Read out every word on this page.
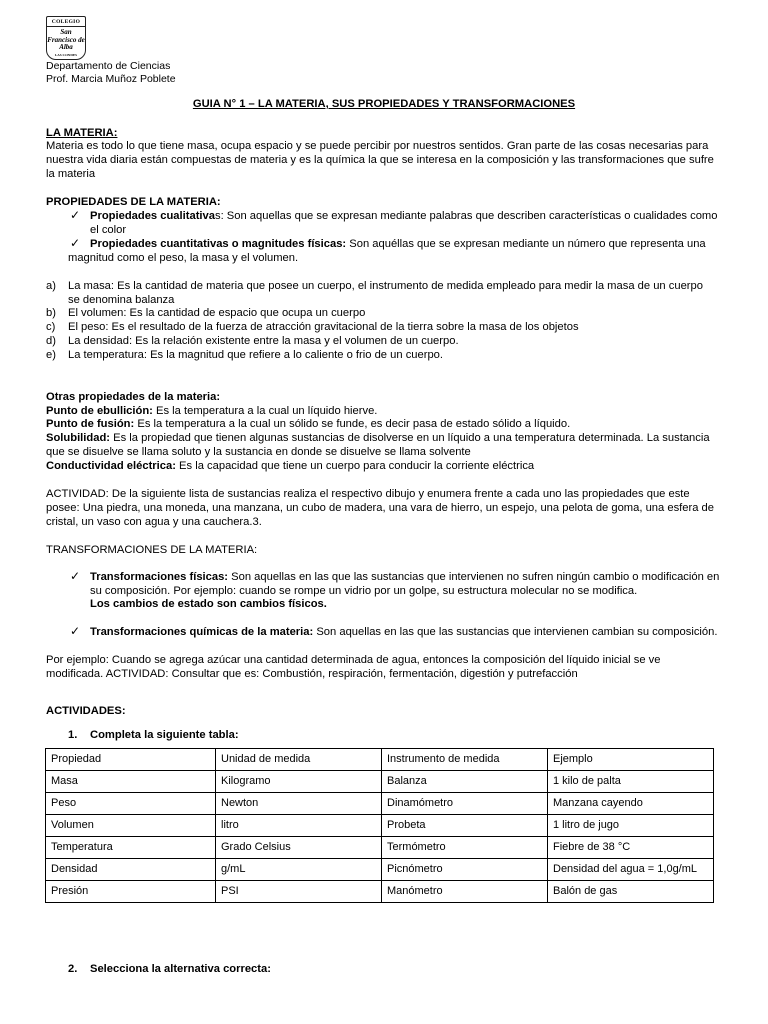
COLEGIO
San Francisco de Alba
LAS CONDES
Departamento de Ciencias
Prof. Marcia Muñoz Poblete
GUIA N° 1 – LA MATERIA, SUS PROPIEDADES Y TRANSFORMACIONES
LA MATERIA:
Materia es todo lo que tiene masa, ocupa espacio y se puede percibir por nuestros sentidos. Gran parte de las cosas necesarias para
nuestra vida diaria están compuestas de materia y es la química la que se interesa en la composición y las transformaciones que sufre
la materia
PROPIEDADES DE LA MATERIA:
✓ Propiedades cualitativas: Son aquellas que se expresan mediante palabras que describen características o cualidades como
el color
✓ Propiedades cuantitativas o magnitudes físicas: Son aquéllas que se expresan mediante un número que representa una
magnitud como el peso, la masa y el volumen.
a) La masa: Es la cantidad de materia que posee un cuerpo, el instrumento de medida empleado para medir la masa de un cuerpo
se denomina balanza
b) El volumen: Es la cantidad de espacio que ocupa un cuerpo
c) El peso: Es el resultado de la fuerza de atracción gravitacional de la tierra sobre la masa de los objetos
d) La densidad: Es la relación existente entre la masa y el volumen de un cuerpo.
e) La temperatura: Es la magnitud que refiere a lo caliente o frio de un cuerpo.
Otras propiedades de la materia:
Punto de ebullición: Es la temperatura a la cual un líquido hierve.
Punto de fusión: Es la temperatura a la cual un sólido se funde, es decir pasa de estado sólido a líquido.
Solubilidad: Es la propiedad que tienen algunas sustancias de disolverse en un líquido a una temperatura determinada. La sustancia
que se disuelve se llama soluto y la sustancia en donde se disuelve se llama solvente
Conductividad eléctrica: Es la capacidad que tiene un cuerpo para conducir la corriente eléctrica
ACTIVIDAD: De la siguiente lista de sustancias realiza el respectivo dibujo y enumera frente a cada uno las propiedades que este
posee: Una piedra, una moneda, una manzana, un cubo de madera, una vara de hierro, un espejo, una pelota de goma, una esfera de
cristal, un vaso con agua y una cauchera.3.
TRANSFORMACIONES DE LA MATERIA:
✓ Transformaciones físicas: Son aquellas en las que las sustancias que intervienen no sufren ningún cambio o modificación en
su composición. Por ejemplo: cuando se rompe un vidrio por un golpe, su estructura molecular no se modifica.
Los cambios de estado son cambios físicos.
✓ Transformaciones químicas de la materia: Son aquellas en las que las sustancias que intervienen cambian su composición.
Por ejemplo: Cuando se agrega azúcar una cantidad determinada de agua, entonces la composición del líquido inicial se ve
modificada. ACTIVIDAD: Consultar que es: Combustión, respiración, fermentación, digestión y putrefacción
ACTIVIDADES:
1. Completa la siguiente tabla:
Propiedad	Unidad de medida	Instrumento de medida	Ejemplo
Masa	Kilogramo	Balanza	1 kilo de palta
Peso	Newton	Dinamómetro	Manzana cayendo
Volumen	litro	Probeta	1 litro de jugo
Temperatura	Grado Celsius	Termómetro	Fiebre de 38 °C
Densidad	g/mL	Picnómetro	Densidad del agua = 1,0g/mL
Presión	PSI	Manómetro	Balón de gas
2. Selecciona la alternativa correcta:
